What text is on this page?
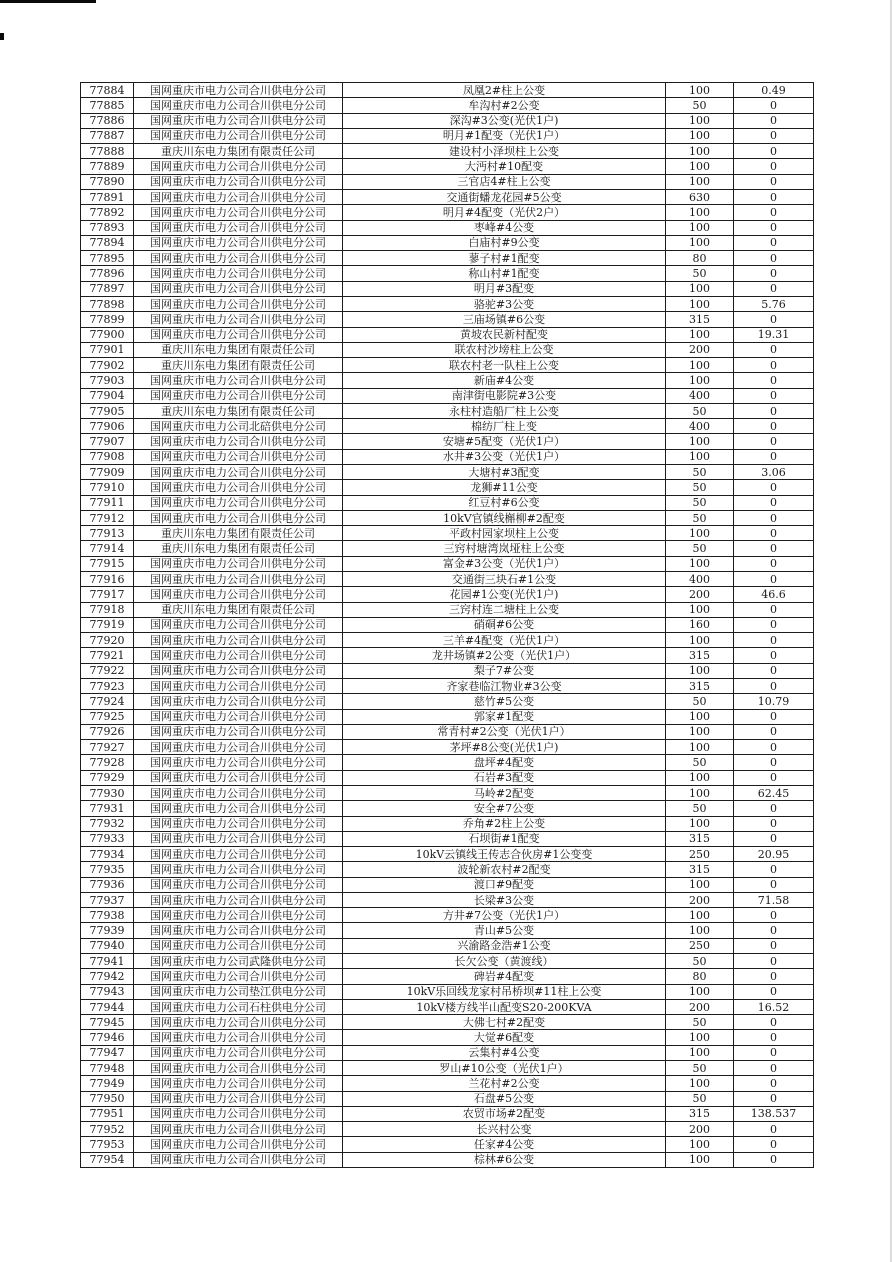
77884	国网重庆市电力公司合川供电分公司	凤凰2#柱上公变	100	0.49
77885	国网重庆市电力公司合川供电分公司	牟沟村#2公变	50	0
77886	国网重庆市电力公司合川供电分公司	深沟#3公变(光伏1户)	100	0
77887	国网重庆市电力公司合川供电分公司	明月#1配变（光伏1户）	100	0
77888	重庆川东电力集团有限责任公司	建设村小泽坝柱上公变	100	0
77889	国网重庆市电力公司合川供电分公司	大沔村#10配变	100	0
77890	国网重庆市电力公司合川供电分公司	三官店4#柱上公变	100	0
77891	国网重庆市电力公司合川供电分公司	交通街蟠龙花园#5公变	630	0
77892	国网重庆市电力公司合川供电分公司	明月#4配变（光伏2户）	100	0
77893	国网重庆市电力公司合川供电分公司	枣峰#4公变	100	0
77894	国网重庆市电力公司合川供电分公司	白庙村#9公变	100	0
77895	国网重庆市电力公司合川供电分公司	蓼子村#1配变	80	0
77896	国网重庆市电力公司合川供电分公司	称山村#1配变	50	0
77897	国网重庆市电力公司合川供电分公司	明月#3配变	100	0
77898	国网重庆市电力公司合川供电分公司	骆驼#3公变	100	5.76
77899	国网重庆市电力公司合川供电分公司	三庙场镇#6公变	315	0
77900	国网重庆市电力公司合川供电分公司	黄坡农民新村配变	100	19.31
77901	重庆川东电力集团有限责任公司	联农村沙塝柱上公变	200	0
77902	重庆川东电力集团有限责任公司	联农村老一队柱上公变	100	0
77903	国网重庆市电力公司合川供电分公司	新庙#4公变	100	0
77904	国网重庆市电力公司合川供电分公司	南津街电影院#3公变	400	0
77905	重庆川东电力集团有限责任公司	永柱村造船厂柱上公变	50	0
77906	国网重庆市电力公司北碚供电分公司	棉纺厂柱上变	400	0
77907	国网重庆市电力公司合川供电分公司	安塘#5配变（光伏1户）	100	0
77908	国网重庆市电力公司合川供电分公司	水井#3公变（光伏1户）	100	0
77909	国网重庆市电力公司合川供电分公司	大塘村#3配变	50	3.06
77910	国网重庆市电力公司合川供电分公司	龙狮#11公变	50	0
77911	国网重庆市电力公司合川供电分公司	红豆村#6公变	50	0
77912	国网重庆市电力公司合川供电分公司	10kV官镇线槲柳#2配变	50	0
77913	重庆川东电力集团有限责任公司	平政村园家坝柱上公变	100	0
77914	重庆川东电力集团有限责任公司	三窍村塘湾岚垭柱上公变	50	0
77915	国网重庆市电力公司合川供电分公司	富金#3公变（光伏1户）	100	0
77916	国网重庆市电力公司合川供电分公司	交通街三块石#1公变	400	0
77917	国网重庆市电力公司合川供电分公司	花园#1公变(光伏1户)	200	46.6
77918	重庆川东电力集团有限责任公司	三窍村连二塘柱上公变	100	0
77919	国网重庆市电力公司合川供电分公司	硝硐#6公变	160	0
77920	国网重庆市电力公司合川供电分公司	三羊#4配变（光伏1户）	100	0
77921	国网重庆市电力公司合川供电分公司	龙井场镇#2公变（光伏1户）	315	0
77922	国网重庆市电力公司合川供电分公司	梨子7#公变	100	0
77923	国网重庆市电力公司合川供电分公司	齐家巷临江物业#3公变	315	0
77924	国网重庆市电力公司合川供电分公司	慈竹#5公变	50	10.79
77925	国网重庆市电力公司合川供电分公司	郭家#1配变	100	0
77926	国网重庆市电力公司合川供电分公司	常青村#2公变（光伏1户）	100	0
77927	国网重庆市电力公司合川供电分公司	茅坪#8公变(光伏1户)	100	0
77928	国网重庆市电力公司合川供电分公司	盘坪#4配变	50	0
77929	国网重庆市电力公司合川供电分公司	石岩#3配变	100	0
77930	国网重庆市电力公司合川供电分公司	马岭#2配变	100	62.45
77931	国网重庆市电力公司合川供电分公司	安全#7公变	50	0
77932	国网重庆市电力公司合川供电分公司	乔角#2柱上公变	100	0
77933	国网重庆市电力公司合川供电分公司	石坝街#1配变	315	0
77934	国网重庆市电力公司合川供电分公司	10kV云镇线王传志合伙房#1公变变	250	20.95
77935	国网重庆市电力公司合川供电分公司	波轮新农村#2配变	315	0
77936	国网重庆市电力公司合川供电分公司	渡口#9配变	100	0
77937	国网重庆市电力公司合川供电分公司	长梁#3公变	200	71.58
77938	国网重庆市电力公司合川供电分公司	方井#7公变（光伏1户）	100	0
77939	国网重庆市电力公司合川供电分公司	青山#5公变	100	0
77940	国网重庆市电力公司合川供电分公司	兴渝路金浩#1公变	250	0
77941	国网重庆市电力公司武隆供电分公司	长欠公变（黄渡线）	50	0
77942	国网重庆市电力公司合川供电分公司	碑岩#4配变	80	0
77943	国网重庆市电力公司垫江供电分公司	10kV乐回线龙家村吊桥坝#11柱上公变	100	0
77944	国网重庆市电力公司石柱供电分公司	10kV楼方线半山配变S20-200KVA	200	16.52
77945	国网重庆市电力公司合川供电分公司	大佛七村#2配变	50	0
77946	国网重庆市电力公司合川供电分公司	大觉#6配变	100	0
77947	国网重庆市电力公司合川供电分公司	云集村#4公变	100	0
77948	国网重庆市电力公司合川供电分公司	罗山#10公变（光伏1户）	50	0
77949	国网重庆市电力公司合川供电分公司	兰花村#2公变	100	0
77950	国网重庆市电力公司合川供电分公司	石盘#5公变	50	0
77951	国网重庆市电力公司合川供电分公司	农贸市场#2配变	315	138.537
77952	国网重庆市电力公司合川供电分公司	长兴村公变	200	0
77953	国网重庆市电力公司合川供电分公司	任家#4公变	100	0
77954	国网重庆市电力公司合川供电分公司	棕林#6公变	100	0
